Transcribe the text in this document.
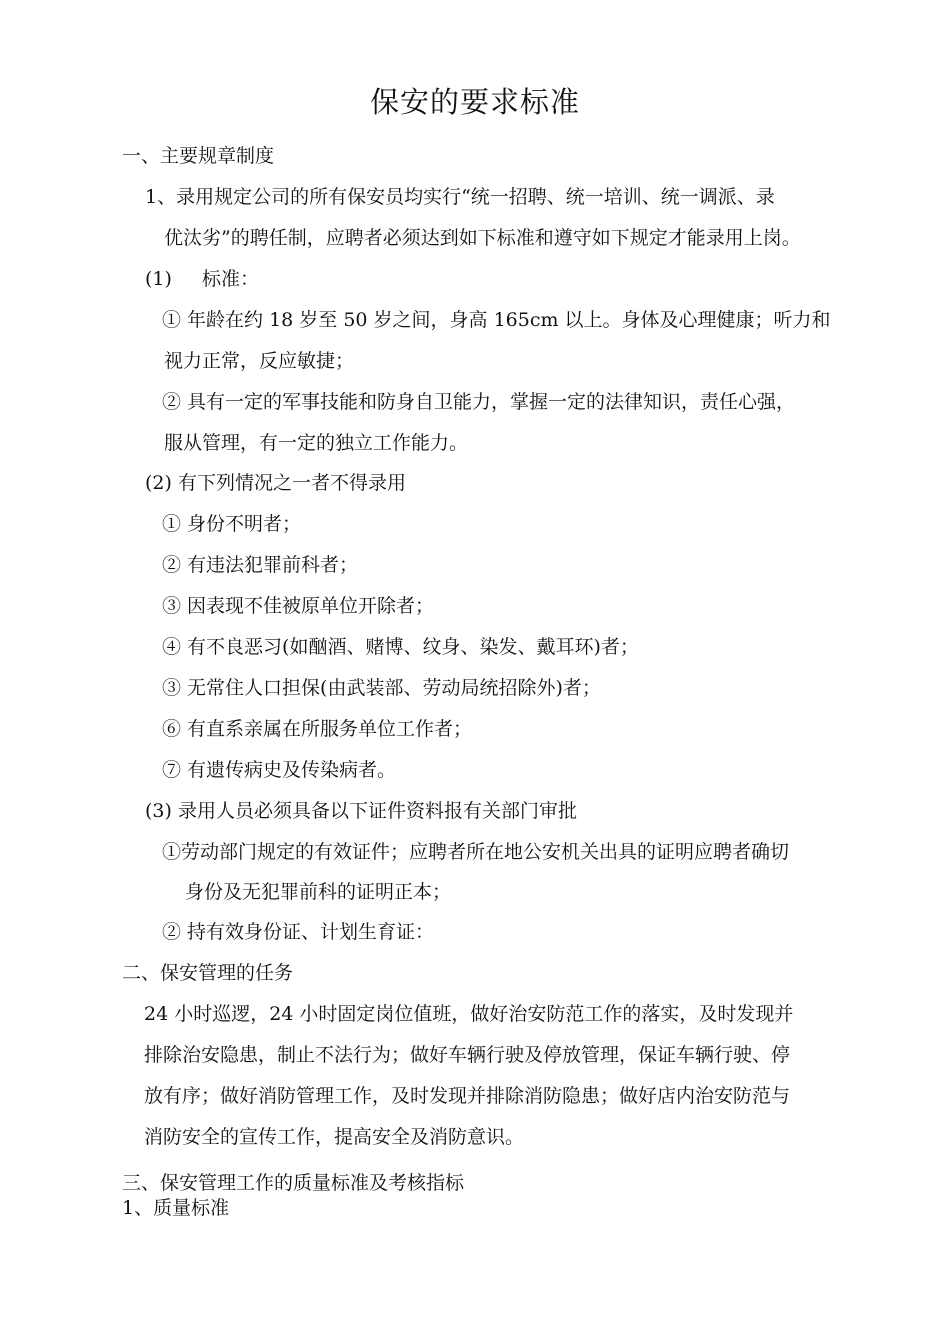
保安的要求标准
一、主要规章制度
1、录用规定公司的所有保安员均实行“统一招聘、统一培训、统一调派、录
优汰劣”的聘任制，应聘者必须达到如下标准和遵守如下规定才能录用上岗。
(1) 标准：
① 年龄在约 18 岁至 50 岁之间，身高 165cm 以上。身体及心理健康；听力和
视力正常，反应敏捷；
② 具有一定的军事技能和防身自卫能力，掌握一定的法律知识，责任心强，
服从管理，有一定的独立工作能力。
(2) 有下列情况之一者不得录用
① 身份不明者；
② 有违法犯罪前科者；
③ 因表现不佳被原单位开除者；
④ 有不良恶习(如酗酒、赌博、纹身、染发、戴耳环)者；
③ 无常住人口担保(由武装部、劳动局统招除外)者；
⑥ 有直系亲属在所服务单位工作者；
⑦ 有遗传病史及传染病者。
(3) 录用人员必须具备以下证件资料报有关部门审批
①劳动部门规定的有效证件；应聘者所在地公安机关出具的证明应聘者确切
身份及无犯罪前科的证明正本；
② 持有效身份证、计划生育证：
二、保安管理的任务
24 小时巡逻，24 小时固定岗位值班，做好治安防范工作的落实，及时发现并
排除治安隐患，制止不法行为；做好车辆行驶及停放管理，保证车辆行驶、停
放有序；做好消防管理工作，及时发现并排除消防隐患；做好店内治安防范与
消防安全的宣传工作，提高安全及消防意识。
三、保安管理工作的质量标准及考核指标
1、质量标准
